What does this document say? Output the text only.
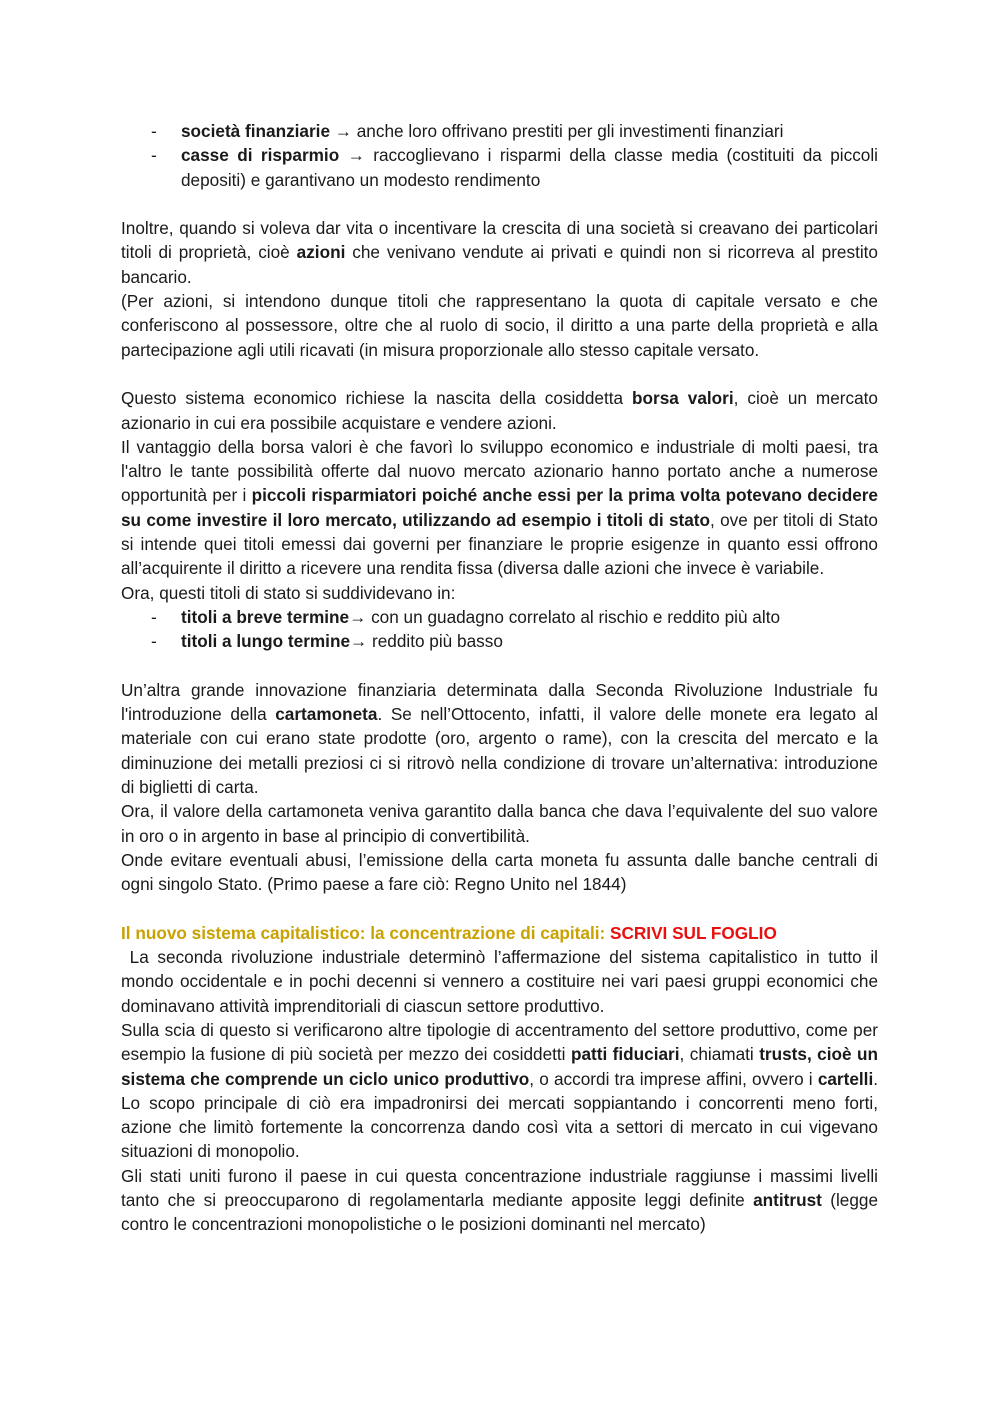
- società finanziarie → anche loro offrivano prestiti per gli investimenti finanziari

- casse di risparmio → raccoglievano i risparmi della classe media (costituiti da piccoli depositi) e garantivano un modesto rendimento

Inoltre, quando si voleva dar vita o incentivare la crescita di una società si creavano dei particolari titoli di proprietà, cioè azioni che venivano vendute ai privati e quindi non si ricorreva al prestito bancario.

(Per azioni, si intendono dunque titoli che rappresentano la quota di capitale versato e che conferiscono al possessore, oltre che al ruolo di socio, il diritto a una parte della proprietà e alla partecipazione agli utili ricavati (in misura proporzionale allo stesso capitale versato.

Questo sistema economico richiese la nascita della cosiddetta borsa valori, cioè un mercato azionario in cui era possibile acquistare e vendere azioni.

Il vantaggio della borsa valori è che favorì lo sviluppo economico e industriale di molti paesi, tra l'altro le tante possibilità offerte dal nuovo mercato azionario hanno portato anche a numerose opportunità per i piccoli risparmiatori poiché anche essi per la prima volta potevano decidere su come investire il loro mercato, utilizzando ad esempio i titoli di stato, ove per titoli di Stato si intende quei titoli emessi dai governi per finanziare le proprie esigenze in quanto essi offrono all’acquirente il diritto a ricevere una rendita fissa (diversa dalle azioni che invece è variabile.

Ora, questi titoli di stato si suddividevano in:

- titoli a breve termine→ con un guadagno correlato al rischio e reddito più alto

- titoli a lungo termine→ reddito più basso

Un’altra grande innovazione finanziaria determinata dalla Seconda Rivoluzione Industriale fu l'introduzione della cartamoneta. Se nell’Ottocento, infatti, il valore delle monete era legato al materiale con cui erano state prodotte (oro, argento o rame), con la crescita del mercato e la diminuzione dei metalli preziosi ci si ritrovò nella condizione di trovare un’alternativa: introduzione di biglietti di carta.

Ora, il valore della cartamoneta veniva garantito dalla banca che dava l’equivalente del suo valore in oro o in argento in base al principio di convertibilità.

Onde evitare eventuali abusi, l’emissione della carta moneta fu assunta dalle banche centrali di ogni singolo Stato. (Primo paese a fare ciò: Regno Unito nel 1844)

Il nuovo sistema capitalistico: la concentrazione di capitali: SCRIVI SUL FOGLIO

La seconda rivoluzione industriale determinò l’affermazione del sistema capitalistico in tutto il mondo occidentale e in pochi decenni si vennero a costituire nei vari paesi gruppi economici che dominavano attività imprenditoriali di ciascun settore produttivo.

Sulla scia di questo si verificarono altre tipologie di accentramento del settore produttivo, come per esempio la fusione di più società per mezzo dei cosiddetti patti fiduciari, chiamati trusts, cioè un sistema che comprende un ciclo unico produttivo, o accordi tra imprese affini, ovvero i cartelli. Lo scopo principale di ciò era impadronirsi dei mercati soppiantando i concorrenti meno forti, azione che limitò fortemente la concorrenza dando così vita a settori di mercato in cui vigevano situazioni di monopolio.

Gli stati uniti furono il paese in cui questa concentrazione industriale raggiunse i massimi livelli tanto che si preoccuparono di regolamentarla mediante apposite leggi definite antitrust (legge contro le concentrazioni monopolistiche o le posizioni dominanti nel mercato)
